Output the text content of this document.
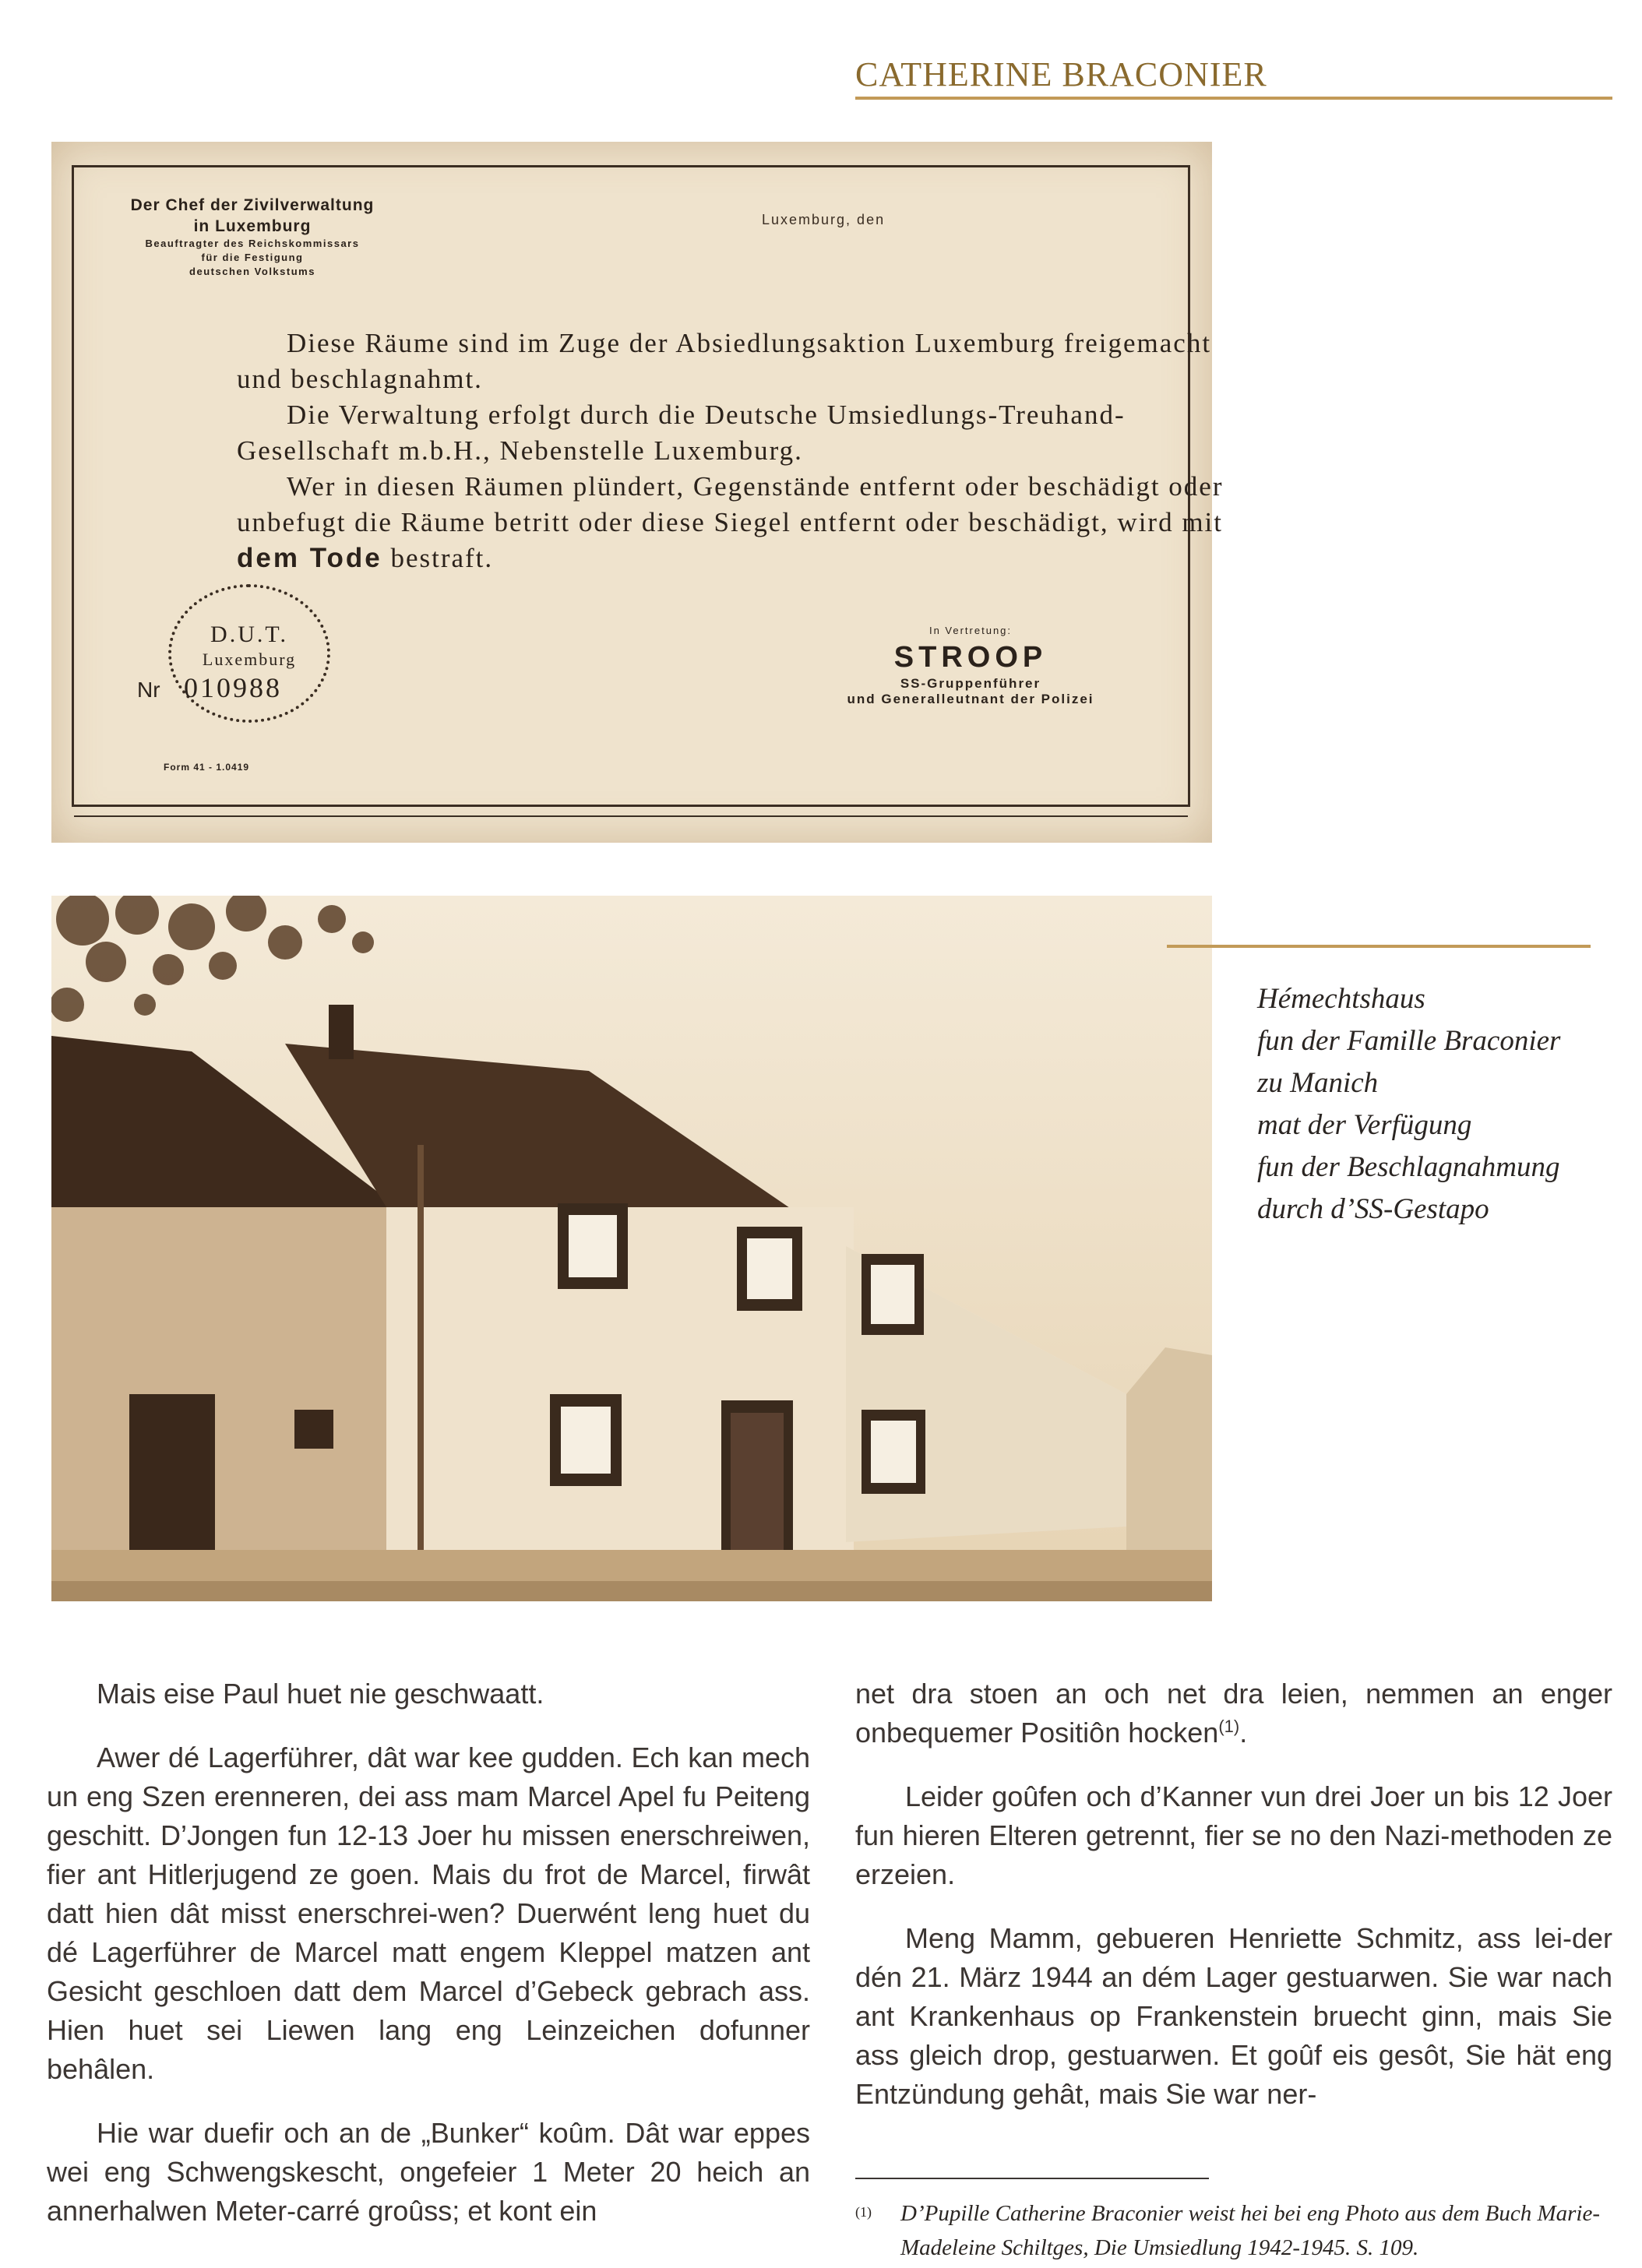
CATHERINE BRACONIER
Der Chef der Zivilverwaltung
in Luxemburg
Beauftragter des Reichskommissars
für die Festigung
deutschen Volkstums
Luxemburg, den

Diese Räume sind im Zuge der Absiedlungsaktion Luxemburg freigemacht und beschlagnahmt.

Die Verwaltung erfolgt durch die Deutsche Umsiedlungs-Treuhand-Gesellschaft m.b.H., Nebenstelle Luxemburg.

Wer in diesen Räumen plündert, Gegenstände entfernt oder beschädigt oder unbefugt die Räume betritt oder diese Siegel entfernt oder beschädigt, wird mit dem Tode bestraft.

D.U.T.
Luxemburg
Nr 010988
Form 41 - 1.0419
In Vertretung:
STROOP
SS-Gruppenführer
und Generalleutnant der Polizei
Hémechtshaus
fun der Famille Braconier
zu Manich
mat der Verfügung
fun der Beschlagnahmung
durch d’SS-Gestapo

Mais eise Paul huet nie geschwaatt.

Awer dé Lagerführer, dât war kee gudden. Ech kan mech un eng Szen erenneren, dei ass mam Marcel Apel fu Peiteng geschitt. D’Jongen fun 12-13 Joer hu missen enerschreiwen, fier ant Hitlerjugend ze goen. Mais du frot de Marcel, firwât datt hien dât misst enerschrei-wen? Duerwént leng huet du dé Lagerführer de Marcel matt engem Kleppel matzen ant Gesicht geschloen datt dem Marcel d’Gebeck gebrach ass. Hien huet sei Liewen lang eng Leinzeichen dofunner behâlen.

Hie war duefir och an de „Bunker“ koûm. Dât war eppes wei eng Schwengskescht, ongefeier 1 Meter 20 heich an annerhalwen Meter-carré groûss; et kont ein

net dra stoen an och net dra leien, nemmen an enger onbequemer Positiôn hocken$^{(1)}$.

Leider goûfen och d’Kanner vun drei Joer un bis 12 Joer fun hieren Elteren getrennt, fier se no den Nazi-methoden ze erzeien.

Meng Mamm, gebueren Henriette Schmitz, ass lei-der dén 21. März 1944 an dém Lager gestuarwen. Sie war nach ant Krankenhaus op Frankenstein bruecht ginn, mais Sie ass gleich drop, gestuarwen. Et goûf eis gesôt, Sie hät eng Entzündung gehât, mais Sie war ner-

(1) D’Pupille Catherine Braconier weist hei bei eng Photo aus dem Buch Marie-Madeleine Schiltges, Die Umsiedlung 1942-1945. S. 109.
